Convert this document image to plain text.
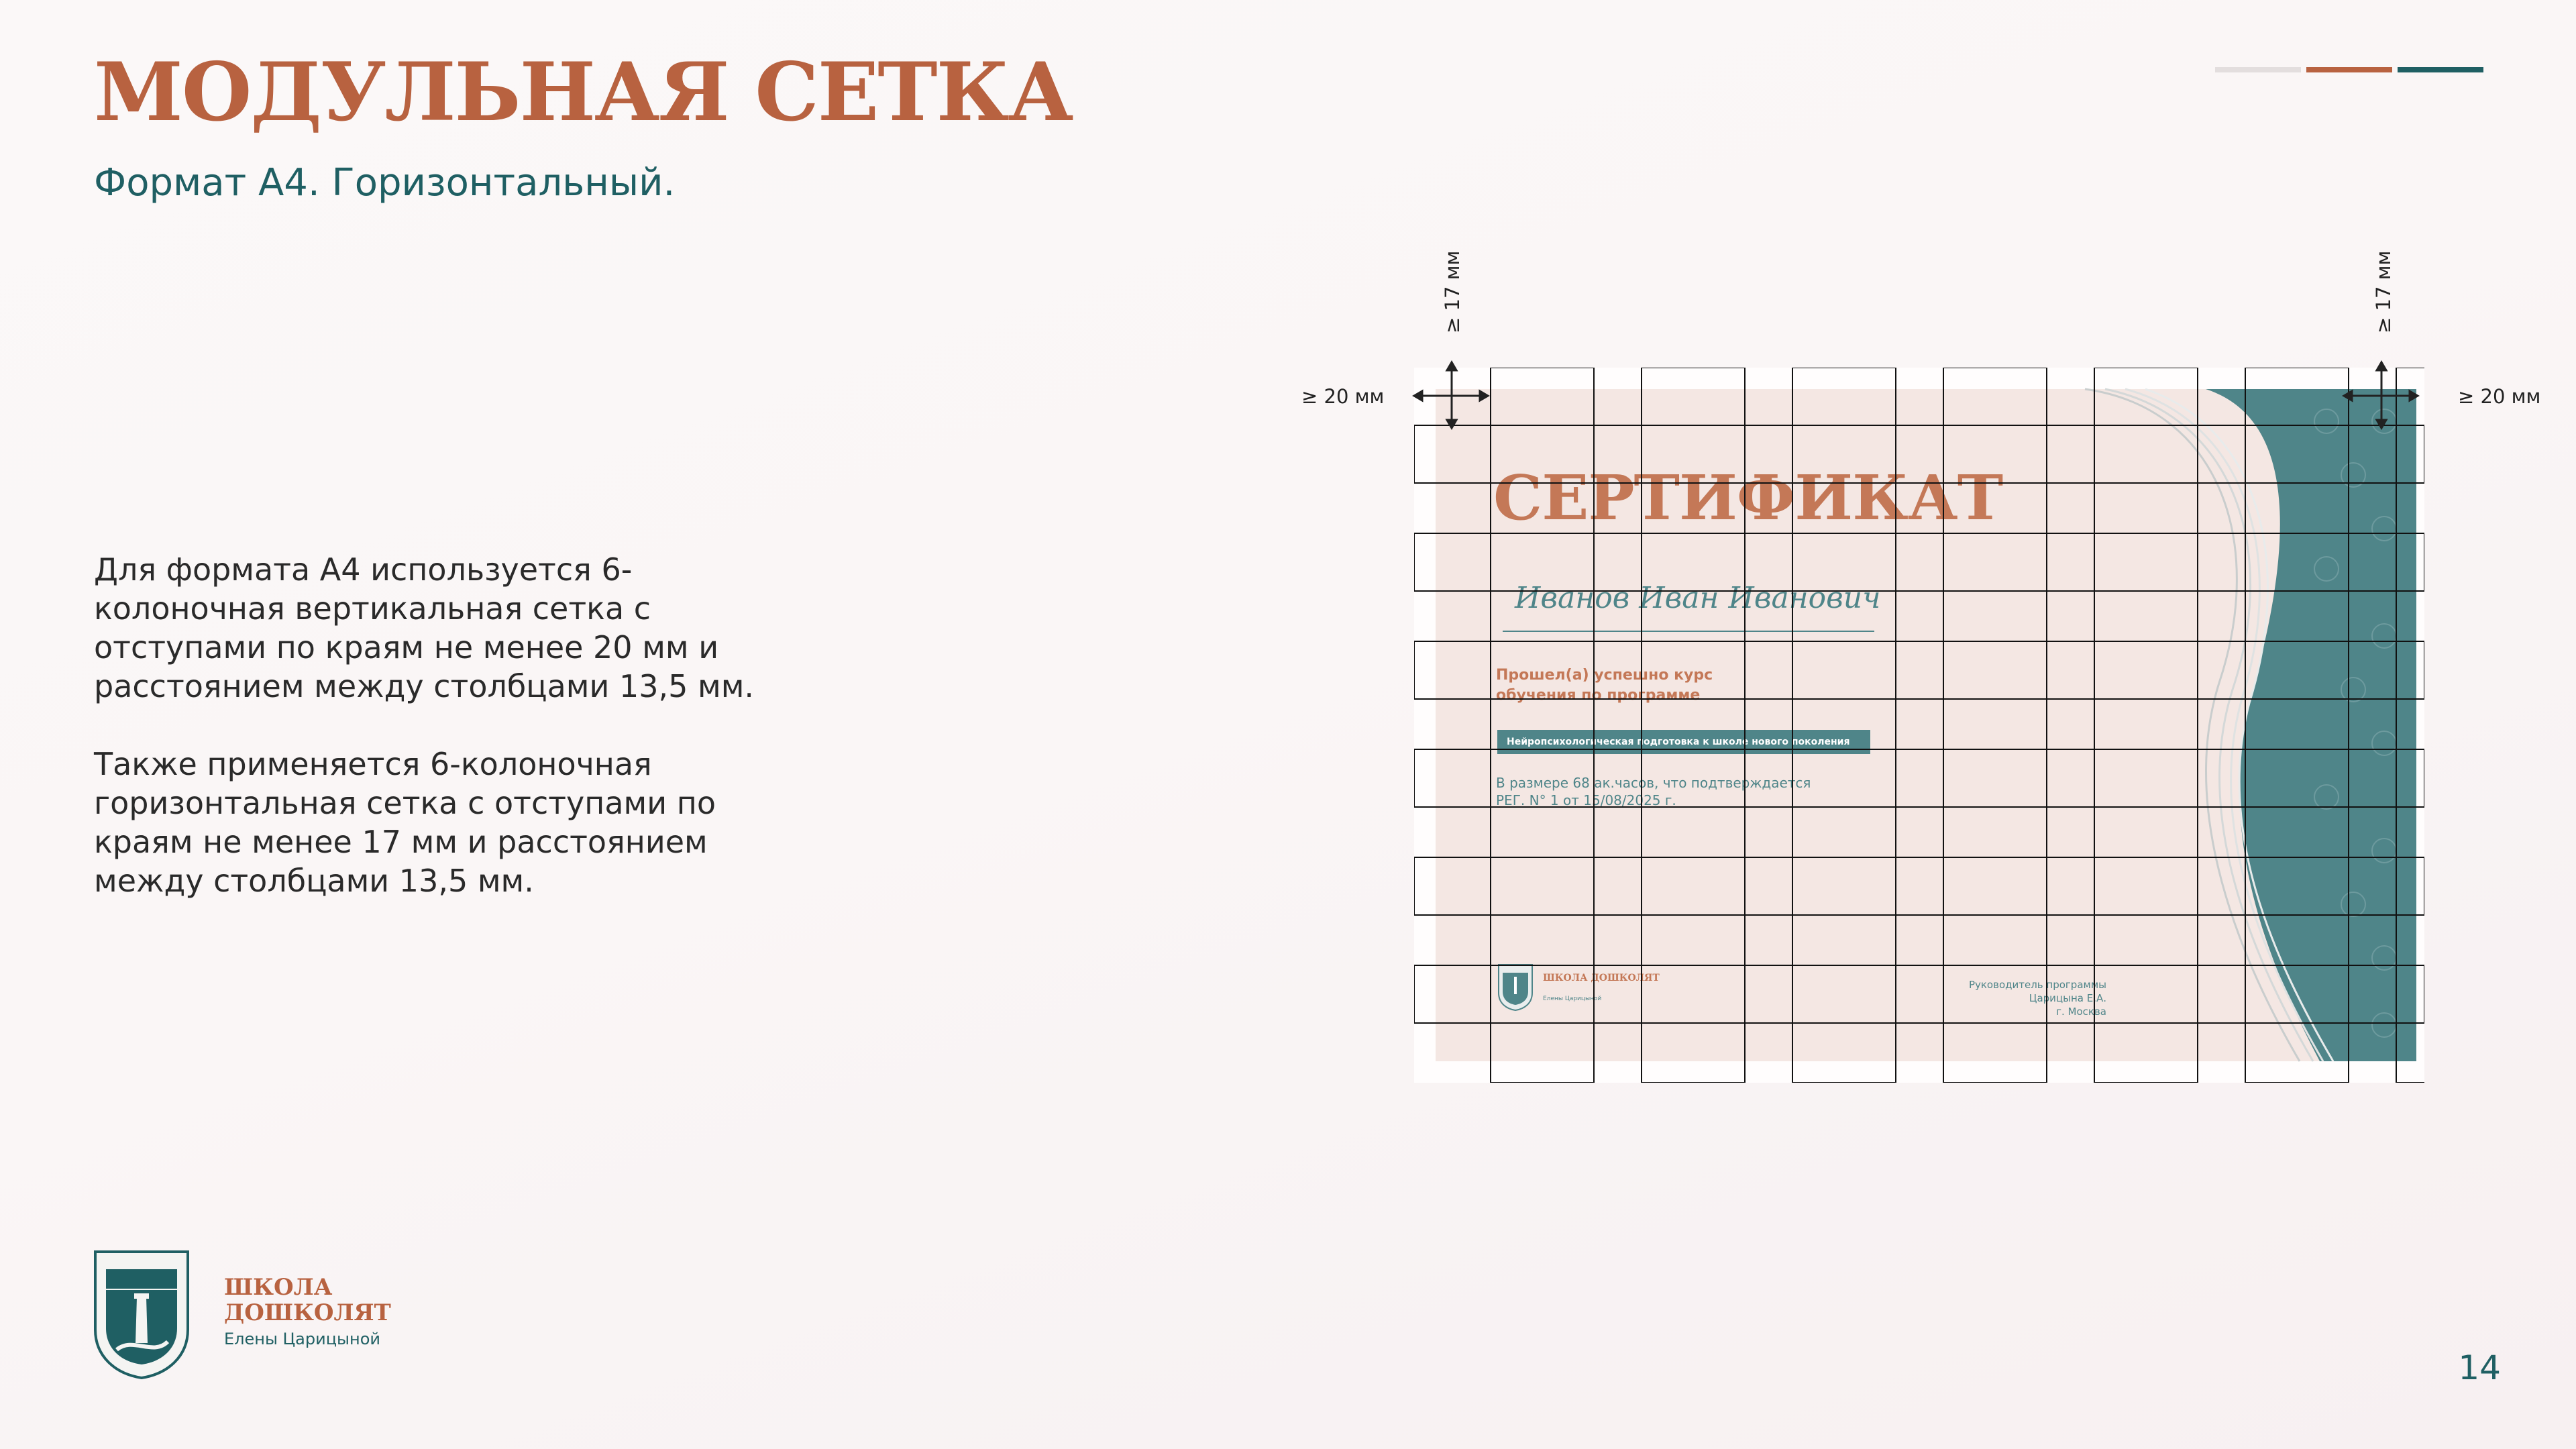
МОДУЛЬНАЯ СЕТКА
Формат А4. Горизонтальный.
Для формата А4 используется 6-колоночная вертикальная сетка с отступами по краям не менее 20 мм и расстоянием между столбцами 13,5 мм.
Также применяется 6-колоночная горизонтальная сетка с отступами по краям не менее 17 мм и расстоянием между столбцами 13,5 мм.
≥ 20 мм	≥ 20 мм
≥ 17 мм	≥ 17 мм
СЕРТИФИКАТ
Иванов Иван Иванович
Прошел(а) успешно курс обучения по программе
Нейропсихологическая подготовка к школе нового поколения
В размере 68 ак.часов, что подтверждается
РЕГ. N° 1 от 15/08/2025 г.
ШКОЛА ДОШКОЛЯТ
Елены Царицыной
Руководитель программы
Царицына Е.А.
г. Москва
ШКОЛА
ДОШКОЛЯТ
Елены Царицыной
14
